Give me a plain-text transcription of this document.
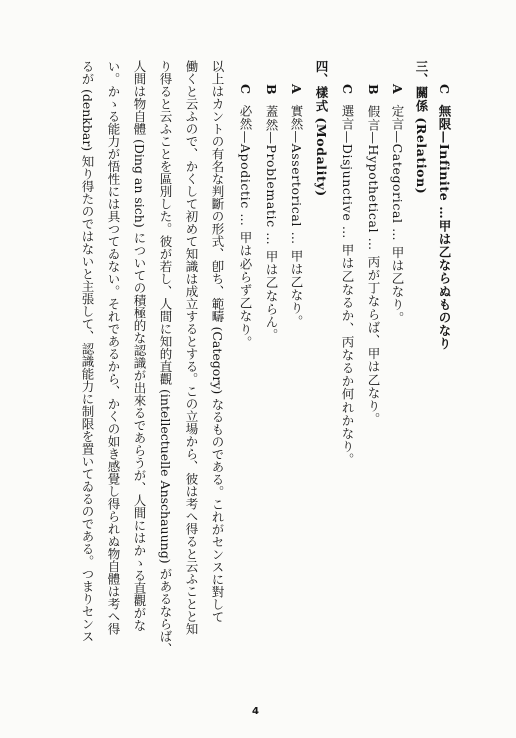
C無限—Infinite …甲は乙ならぬものなり
三、關係 (Relation)
A定言—Categorical … 甲は乙なり。
B假言—Hypothetical … 丙が丁ならば、甲は乙なり。
C選言—Disjunctive … 甲は乙なるか、丙なるか何れかなり。
四、樣式 (Modality)
A實然—Assertorical … 甲は乙なり。
B蓋然—Problematic … 甲は乙ならん。
C必然—Apodictic … 甲は必らず乙なり。
以上はカントの有名な判斷の形式、卽ち、範疇 (Category) なるものである。これがセンスに對して
働くと云ふので、かくして初めて知識は成立するとする。この立場から、彼は考へ得ると云ふことと知
り得ると云ふことを區別した。彼が若し、人間に知的直觀 (intellectuelle Anschauung) があるならば、
人間は物自體 (Ding an sich) についての積極的な認識が出來るであらうが、人間にはかゝる直觀がな
い。かゝる能力が悟性には具つてゐない。それであるから、かくの如き感覺し得られぬ物自體は考へ得
るが (denkbar) 知り得たのではないと主張して、認識能力に制限を置いてゐるのである。つまりセンス
4
